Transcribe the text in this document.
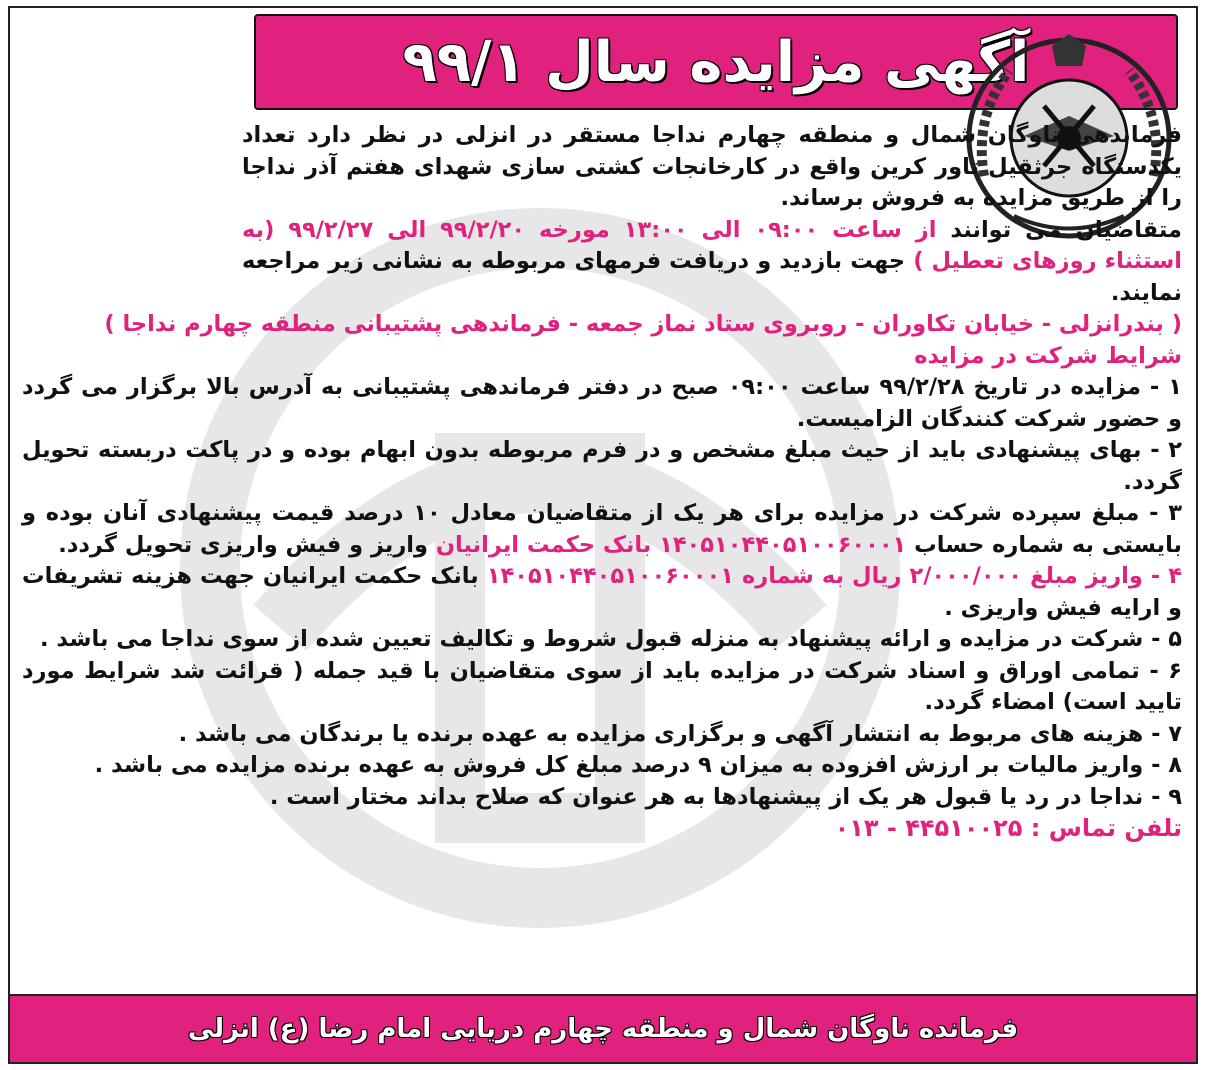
آگهی مزایده سال ۹۹/۱

فرماندهی ناوگان شمال و منطقه چهارم نداجا مستقر در انزلی در نظر دارد تعداد یکدستگاه جرثقیل تاور کرین واقع در کارخانجات کشتی سازی شهدای هفتم آذر نداجا را از طریق مزایده به فروش برساند.

متقاضیان می توانند از ساعت ۰۹:۰۰ الی ۱۳:۰۰ مورخه ۹۹/۲/۲۰ الی ۹۹/۲/۲۷ (به استثناء روزهای تعطیل ) جهت بازدید و دریافت فرمهای مربوطه به نشانی زیر مراجعه نمایند.

( بندرانزلی - خیابان تکاوران - روبروی ستاد نماز جمعه - فرماندهی پشتیبانی منطقه چهارم نداجا )

شرایط شرکت در مزایده

۱ - مزایده در تاریخ ۹۹/۲/۲۸ ساعت ۰۹:۰۰ صبح در دفتر فرماندهی پشتیبانی به آدرس بالا برگزار می گردد و حضور شرکت کنندگان الزامیست.

۲ - بهای پیشنهادی باید از حیث مبلغ مشخص و در فرم مربوطه بدون ابهام بوده و در پاکت دربسته تحویل گردد.

۳ - مبلغ سپرده شرکت در مزایده برای هر یک از متقاضیان معادل ۱۰ درصد قیمت پیشنهادی آنان بوده و بایستی به شماره حساب ۱۴۰۵۱۰۴۴۰۵۱۰۰۶۰۰۰۱ بانک حکمت ایرانیان واریز و فیش واریزی تحویل گردد.

۴ - واریز مبلغ ۲/۰۰۰/۰۰۰ ریال به شماره ۱۴۰۵۱۰۴۴۰۵۱۰۰۶۰۰۰۱ بانک حکمت ایرانیان جهت هزینه تشریفات و ارایه فیش واریزی .

۵ - شرکت در مزایده و ارائه پیشنهاد به منزله قبول شروط و تکالیف تعیین شده از سوی نداجا می باشد .

۶ - تمامی اوراق و اسناد شرکت در مزایده باید از سوی متقاضیان با قید جمله ( قرائت شد شرایط مورد تایید است) امضاء گردد.

۷ - هزینه های مربوط به انتشار آگهی و برگزاری مزایده به عهده برنده یا برندگان می باشد .

۸ - واریز مالیات بر ارزش افزوده به میزان ۹ درصد مبلغ کل فروش به عهده برنده مزایده می باشد .

۹ - نداجا در رد یا قبول هر یک از پیشنهادها به هر عنوان که صلاح بداند مختار است .

تلفن تماس : ۴۴۵۱۰۰۲۵ - ۰۱۳

فرمانده ناوگان شمال و منطقه چهارم دریایی امام رضا (ع) انزلی
